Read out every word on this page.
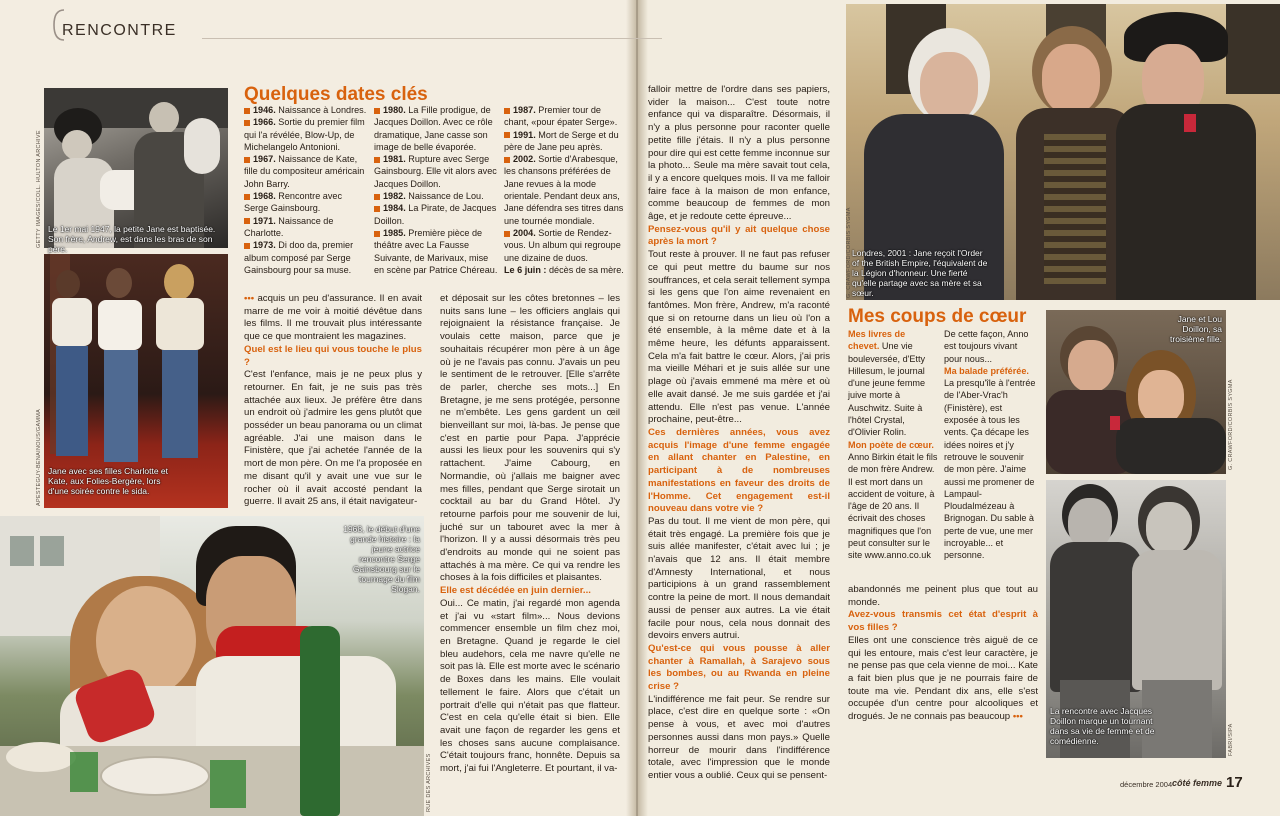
RENCONTRE
Le 1er mai 1947, la petite Jane est baptisée. Son frère, Andrew, est dans les bras de son père.
GETTY IMAGES/COLL. HULTON ARCHIVE
Jane avec ses filles Charlotte et Kate, aux Folies-Bergère, lors d'une soirée contre le sida.
APESTEGUY-BENAINOUS/GAMMA
1968, le début d'une grande histoire : la jeune actrice rencontre Serge Gainsbourg sur le tournage du film Slogan.
RUE DES ARCHIVES
Quelques dates clés

1946. Naissance à Londres.

1966. Sortie du premier film qui l'a révélée, Blow-Up, de Michelangelo Antonioni.

1967. Naissance de Kate, fille du compositeur américain John Barry.

1968. Rencontre avec Serge Gainsbourg.

1971. Naissance de Charlotte.

1973. Di doo da, premier album composé par Serge Gainsbourg pour sa muse.

1980. La Fille prodigue, de Jacques Doillon. Avec ce rôle dramatique, Jane casse son image de belle évaporée.

1981. Rupture avec Serge Gainsbourg. Elle vit alors avec Jacques Doillon.

1982. Naissance de Lou.

1984. La Pirate, de Jacques Doillon.

1985. Première pièce de théâtre avec La Fausse Suivante, de Marivaux, mise en scène par Patrice Chéreau.

1987. Premier tour de chant, «pour épater Serge».

1991. Mort de Serge et du père de Jane peu après.

2002. Sortie d'Arabesque, les chansons préférées de Jane revues à la mode orientale. Pendant deux ans, Jane défendra ses titres dans une tournée mondiale.

2004. Sortie de Rendez-vous. Un album qui regroupe une dizaine de duos.

Le 6 juin : décès de sa mère.

••• acquis un peu d'assurance. Il en avait marre de me voir à moitié dévêtue dans les films. Il me trouvait plus intéressante que ce que montraient les magazines.

Quel est le lieu qui vous touche le plus ?

C'est l'enfance, mais je ne peux plus y retourner. En fait, je ne suis pas très attachée aux lieux. Je préfère être dans un endroit où j'admire les gens plutôt que posséder un beau panorama ou un climat agréable. J'ai une maison dans le Finistère, que j'ai achetée l'année de la mort de mon père. On me l'a proposée en me disant qu'il y avait une vue sur le rocher où il avait accosté pendant la guerre. Il avait 25 ans, il était navigateur-

et déposait sur les côtes bretonnes – les nuits sans lune – les officiers anglais qui rejoignaient la résistance française. Je voulais cette maison, parce que je souhaitais récupérer mon père à un âge où je ne l'avais pas connu. J'avais un peu le sentiment de le retrouver. [Elle s'arrête de parler, cherche ses mots...] En Bretagne, je me sens protégée, personne ne m'embête. Les gens gardent un œil bienveillant sur moi, là-bas. Je pense que c'est en partie pour Papa. J'apprécie aussi les lieux pour les souvenirs qui s'y rattachent. J'aime Cabourg, en Normandie, où j'allais me baigner avec mes filles, pendant que Serge sirotait un cocktail au bar du Grand Hôtel. J'y retourne parfois pour me souvenir de lui, juché sur un tabouret avec la mer à l'horizon. Il y a aussi désormais très peu d'endroits au monde qui ne soient pas attachés à ma mère. Ce qui va rendre les choses à la fois difficiles et plaisantes.

Elle est décédée en juin dernier...

Oui... Ce matin, j'ai regardé mon agenda et j'ai vu «start film»... Nous devions commencer ensemble un film chez moi, en Bretagne. Quand je regarde le ciel bleu audehors, cela me navre qu'elle ne soit pas là. Elle est morte avec le scénario de Boxes dans les mains. Elle voulait tellement le faire. Alors que c'était un portrait d'elle qui n'était pas que flatteur. C'est en cela qu'elle était si bien. Elle avait une façon de regarder les gens et les choses sans aucune complaisance. C'était toujours franc, honnête. Depuis sa mort, j'ai fui l'Angleterre. Et pourtant, il va-

falloir mettre de l'ordre dans ses papiers, vider la maison... C'est toute notre enfance qui va disparaître. Désormais, il n'y a plus personne pour raconter quelle petite fille j'étais. Il n'y a plus personne pour dire qui est cette femme inconnue sur la photo... Seule ma mère savait tout cela, il y a encore quelques mois. Il va me falloir faire face à la maison de mon enfance, comme beaucoup de femmes de mon âge, et je redoute cette épreuve...

Pensez-vous qu'il y ait quelque chose après la mort ?

Tout reste à prouver. Il ne faut pas refuser ce qui peut mettre du baume sur nos souffrances, et cela serait tellement sympa si les gens que l'on aime revenaient en fantômes. Mon frère, Andrew, m'a raconté que si on retourne dans un lieu où l'on a été ensemble, à la même date et à la même heure, les défunts apparaissent. Cela m'a fait battre le cœur. Alors, j'ai pris ma vieille Méhari et je suis allée sur une plage où j'avais emmené ma mère et où elle avait dansé. Je me suis gardée et j'ai attendu. Elle n'est pas venue. L'année prochaine, peut-être...

Ces dernières années, vous avez acquis l'image d'une femme engagée en allant chanter en Palestine, en participant à de nombreuses manifestations en faveur des droits de l'Homme. Cet engagement est-il nouveau dans votre vie ?

Pas du tout. Il me vient de mon père, qui était très engagé. La première fois que je suis allée manifester, c'était avec lui ; je n'avais que 12 ans. Il était membre d'Amnesty International, et nous participions à un grand rassemblement contre la peine de mort. Il nous demandait aussi de penser aux autres. La vie était facile pour nous, cela nous donnait des devoirs envers autrui.

Qu'est-ce qui vous pousse à aller chanter à Ramallah, à Sarajevo sous les bombes, ou au Rwanda en pleine crise ?

L'indifférence me fait peur. Se rendre sur place, c'est dire en quelque sorte : «On pense à vous, et avec moi d'autres personnes aussi dans mon pays.» Quelle horreur de mourir dans l'indifférence totale, avec l'impression que le monde entier vous a oublié. Ceux qui se pensent-

abandonnés me peinent plus que tout au monde.

Avez-vous transmis cet état d'esprit à vos filles ?

Elles ont une conscience très aiguë de ce qui les entoure, mais c'est leur caractère, je ne pense pas que cela vienne de moi... Kate a fait bien plus que je ne pourrais faire de toute ma vie. Pendant dix ans, elle s'est occupée d'un centre pour alcooliques et drogués. Je ne connais pas beaucoup •••

Londres, 2001 : Jane reçoit l'Order of the British Empire, l'équivalent de la Légion d'honneur. Une fierté qu'elle partage avec sa mère et sa sœur.
G. CRAWFORD/CORBIS SYGMA
Mes coups de cœur

Mes livres de chevet. Une vie bouleversée, d'Etty Hillesum, le journal d'une jeune femme juive morte à Auschwitz. Suite à l'hôtel Crystal, d'Olivier Rolin.

Mon poète de cœur. Anno Birkin était le fils de mon frère Andrew. Il est mort dans un accident de voiture, à l'âge de 20 ans. Il écrivait des choses magnifiques que l'on peut consulter sur le site www.anno.co.uk

De cette façon, Anno est toujours vivant pour nous...

Ma balade préférée. La presqu'île à l'entrée de l'Aber-Vrac'h (Finistère), est exposée à tous les vents. Ça décape les idées noires et j'y retrouve le souvenir de mon père. J'aime aussi me promener de Lampaul-Ploudalmézeau à Brignogan. Du sable à perte de vue, une mer incroyable... et personne.

Jane et Lou Doillon, sa troisième fille.
G. CRAWFORD/CORBIS SYGMA
La rencontre avec Jacques Doillon marque un tournant dans sa vie de femme et de comédienne.	FABRI/SIPA
décembre 2004 côté femme 17
